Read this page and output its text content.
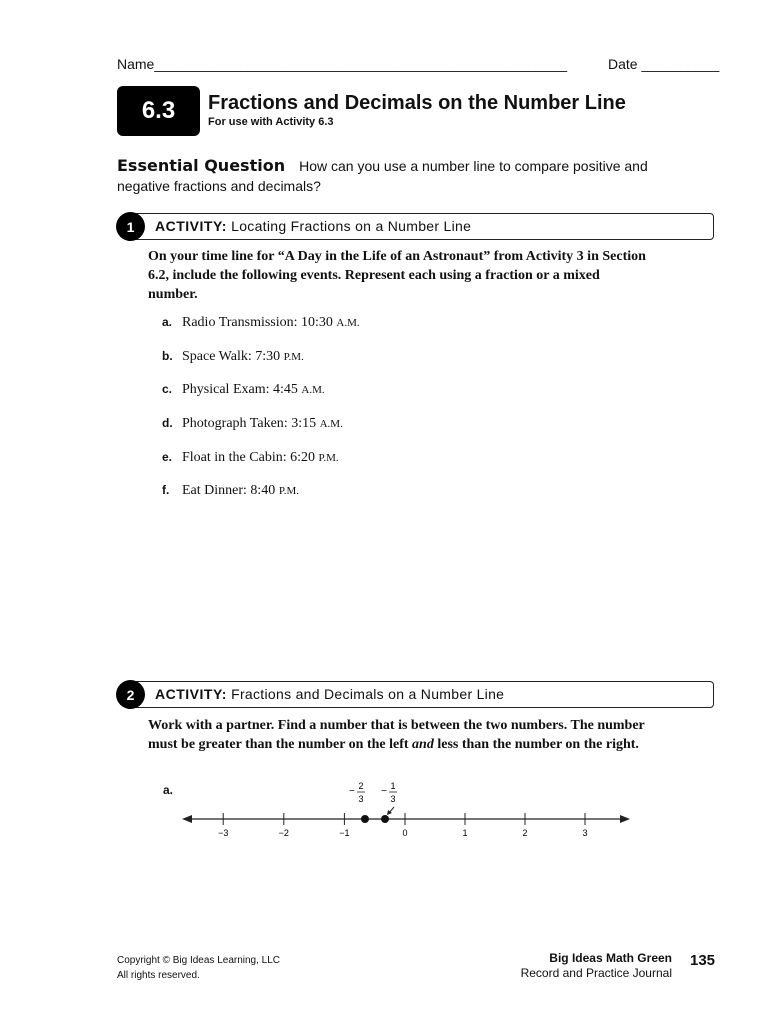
Name_____________________________________________________	Date __________
6.3	Fractions and Decimals on the Number Line
For use with Activity 6.3
Essential Question How can you use a number line to compare positive and negative fractions and decimals?
1	ACTIVITY: Locating Fractions on a Number Line
On your time line for “A Day in the Life of an Astronaut” from Activity 3 in Section 6.2, include the following events. Represent each using a fraction or a mixed number.
a. Radio Transmission: 10:30 A.M.
b. Space Walk: 7:30 P.M.
c. Physical Exam: 4:45 A.M.
d. Photograph Taken: 3:15 A.M.
e. Float in the Cabin: 6:20 P.M.
f. Eat Dinner: 8:40 P.M.
2	ACTIVITY: Fractions and Decimals on a Number Line
Work with a partner. Find a number that is between the two numbers. The number must be greater than the number on the left and less than the number on the right.
a.
−3	−2	−1	0	1	2	3
− 2
3
− 1
3
Copyright © Big Ideas Learning, LLC
All rights reserved.
Big Ideas Math Green
Record and Practice Journal
135
